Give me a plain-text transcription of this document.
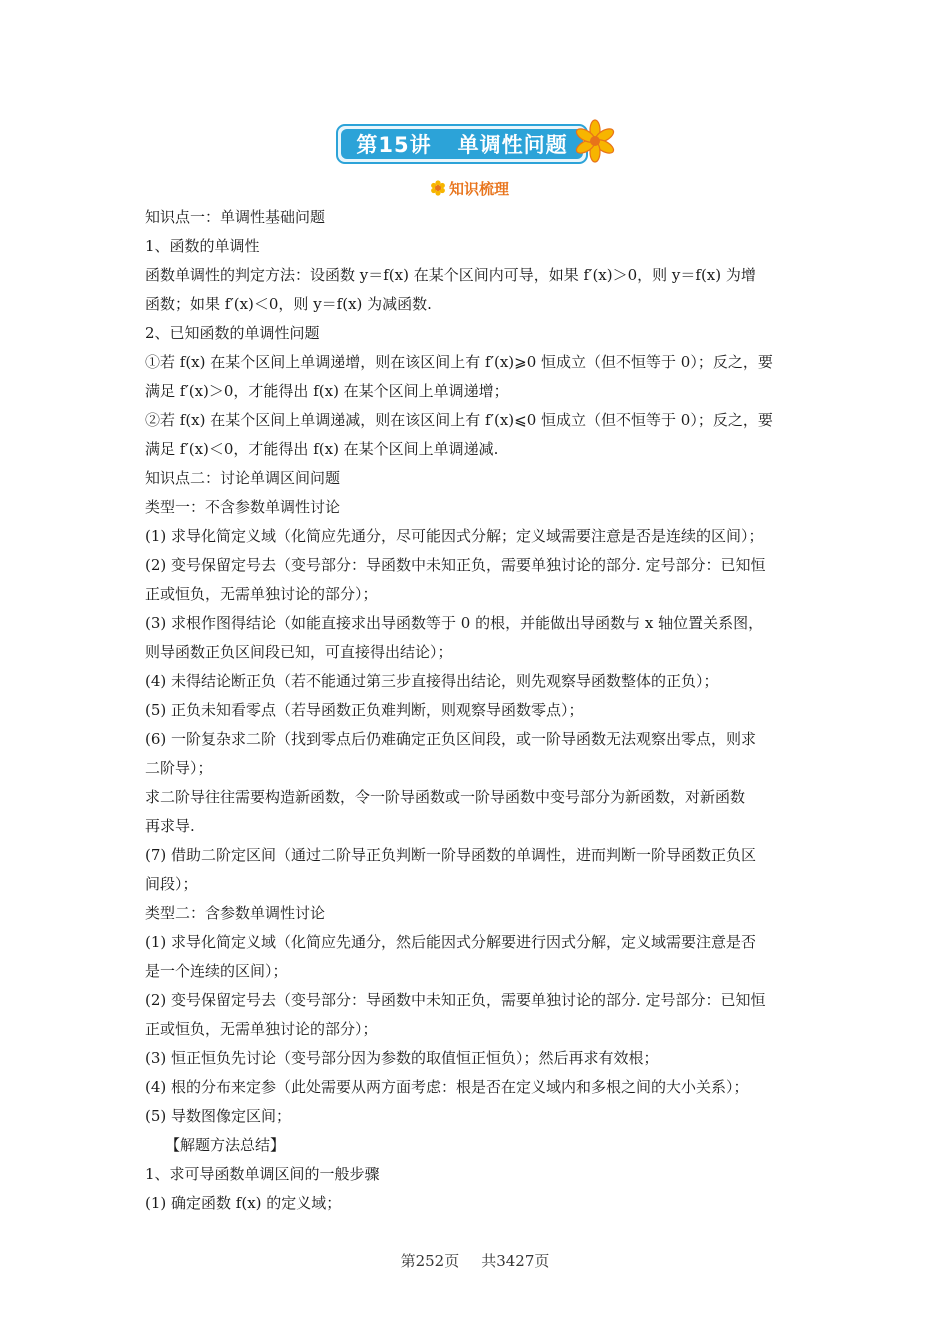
第15讲 单调性问题
知识梳理
知识点一：单调性基础问题
1、函数的单调性
函数单调性的判定方法：设函数 y＝f(x) 在某个区间内可导，如果 f′(x)＞0，则 y＝f(x) 为增
函数；如果 f′(x)＜0，则 y＝f(x) 为减函数.
2、已知函数的单调性问题
①若 f(x) 在某个区间上单调递增，则在该区间上有 f′(x)⩾0 恒成立（但不恒等于 0）；反之，要
满足 f′(x)＞0，才能得出 f(x) 在某个区间上单调递增；
②若 f(x) 在某个区间上单调递减，则在该区间上有 f′(x)⩽0 恒成立（但不恒等于 0）；反之，要
满足 f′(x)＜0，才能得出 f(x) 在某个区间上单调递减.
知识点二：讨论单调区间问题
类型一：不含参数单调性讨论
(1) 求导化简定义域（化简应先通分，尽可能因式分解；定义域需要注意是否是连续的区间）；
(2) 变号保留定号去（变号部分：导函数中未知正负，需要单独讨论的部分. 定号部分：已知恒
正或恒负，无需单独讨论的部分）；
(3) 求根作图得结论（如能直接求出导函数等于 0 的根，并能做出导函数与 x 轴位置关系图，
则导函数正负区间段已知，可直接得出结论）；
(4) 未得结论断正负（若不能通过第三步直接得出结论，则先观察导函数整体的正负）；
(5) 正负未知看零点（若导函数正负难判断，则观察导函数零点）；
(6) 一阶复杂求二阶（找到零点后仍难确定正负区间段，或一阶导函数无法观察出零点，则求
二阶导）；
求二阶导往往需要构造新函数，令一阶导函数或一阶导函数中变号部分为新函数，对新函数
再求导.
(7) 借助二阶定区间（通过二阶导正负判断一阶导函数的单调性，进而判断一阶导函数正负区
间段）；
类型二：含参数单调性讨论
(1) 求导化简定义域（化简应先通分，然后能因式分解要进行因式分解，定义域需要注意是否
是一个连续的区间）；
(2) 变号保留定号去（变号部分：导函数中未知正负，需要单独讨论的部分. 定号部分：已知恒
正或恒负，无需单独讨论的部分）；
(3) 恒正恒负先讨论（变号部分因为参数的取值恒正恒负）；然后再求有效根；
(4) 根的分布来定参（此处需要从两方面考虑：根是否在定义域内和多根之间的大小关系）；
(5) 导数图像定区间；
【解题方法总结】
1、求可导函数单调区间的一般步骤
(1) 确定函数 f(x) 的定义域；
第252页 共3427页
